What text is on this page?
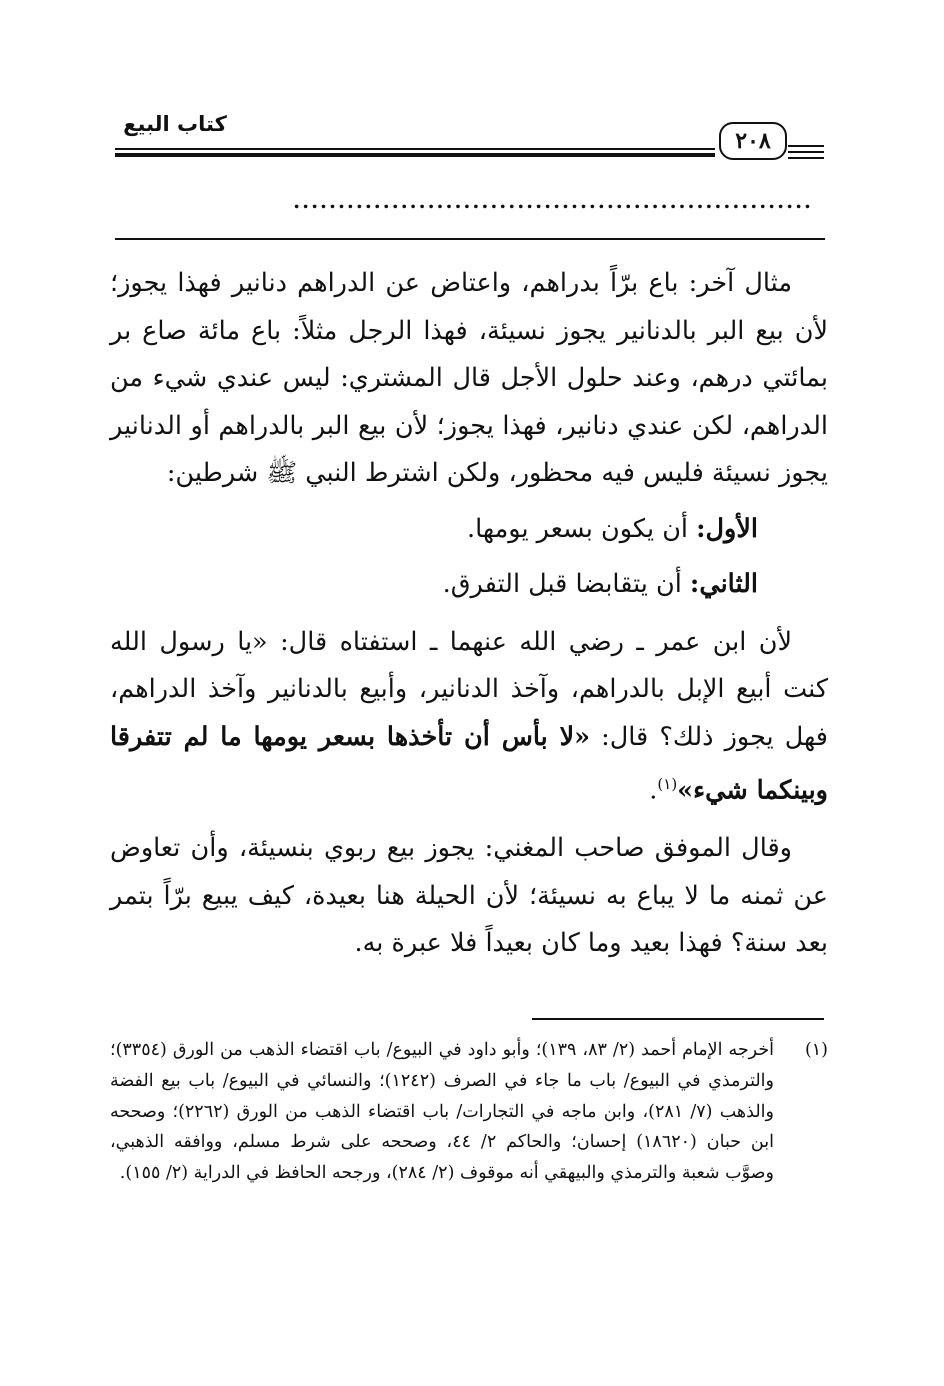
كتاب البيع
٢٠٨
..........................................................

مثال آخر: باع برّاً بدراهم، واعتاض عن الدراهم دنانير فهذا يجوز؛ لأن بيع البر بالدنانير يجوز نسيئة، فهذا الرجل مثلاً: باع مائة صاع بر بمائتي درهم، وعند حلول الأجل قال المشتري: ليس عندي شيء من الدراهم، لكن عندي دنانير، فهذا يجوز؛ لأن بيع البر بالدراهم أو الدنانير يجوز نسيئة فليس فيه محظور، ولكن اشترط النبي ﷺ شرطين:

الأول: أن يكون بسعر يومها.

الثاني: أن يتقابضا قبل التفرق.

لأن ابن عمر ـ رضي الله عنهما ـ استفتاه قال: «يا رسول الله كنت أبيع الإبل بالدراهم، وآخذ الدنانير، وأبيع بالدنانير وآخذ الدراهم، فهل يجوز ذلك؟ قال: «لا بأس أن تأخذها بسعر يومها ما لم تتفرقا وبينكما شيء»$^{(١)}$.

وقال الموفق صاحب المغني: يجوز بيع ربوي بنسيئة، وأن تعاوض عن ثمنه ما لا يباع به نسيئة؛ لأن الحيلة هنا بعيدة، كيف يبيع برّاً بتمر بعد سنة؟ فهذا بعيد وما كان بعيداً فلا عبرة به.

(١)
أخرجه الإمام أحمد (٢/ ٨٣، ١٣٩)؛ وأبو داود في البيوع/ باب اقتضاء الذهب من الورق (٣٣٥٤)؛ والترمذي في البيوع/ باب ما جاء في الصرف (١٢٤٢)؛ والنسائي في البيوع/ باب بيع الفضة والذهب (٧/ ٢٨١)، وابن ماجه في التجارات/ باب اقتضاء الذهب من الورق (٢٢٦٢)؛ وصححه ابن حبان (١٨٦٢٠) إحسان؛ والحاكم ٢/ ٤٤، وصححه على شرط مسلم، ووافقه الذهبي، وصوَّب شعبة والترمذي والبيهقي أنه موقوف (٢/ ٢٨٤)، ورجحه الحافظ في الدراية (٢/ ١٥٥).
